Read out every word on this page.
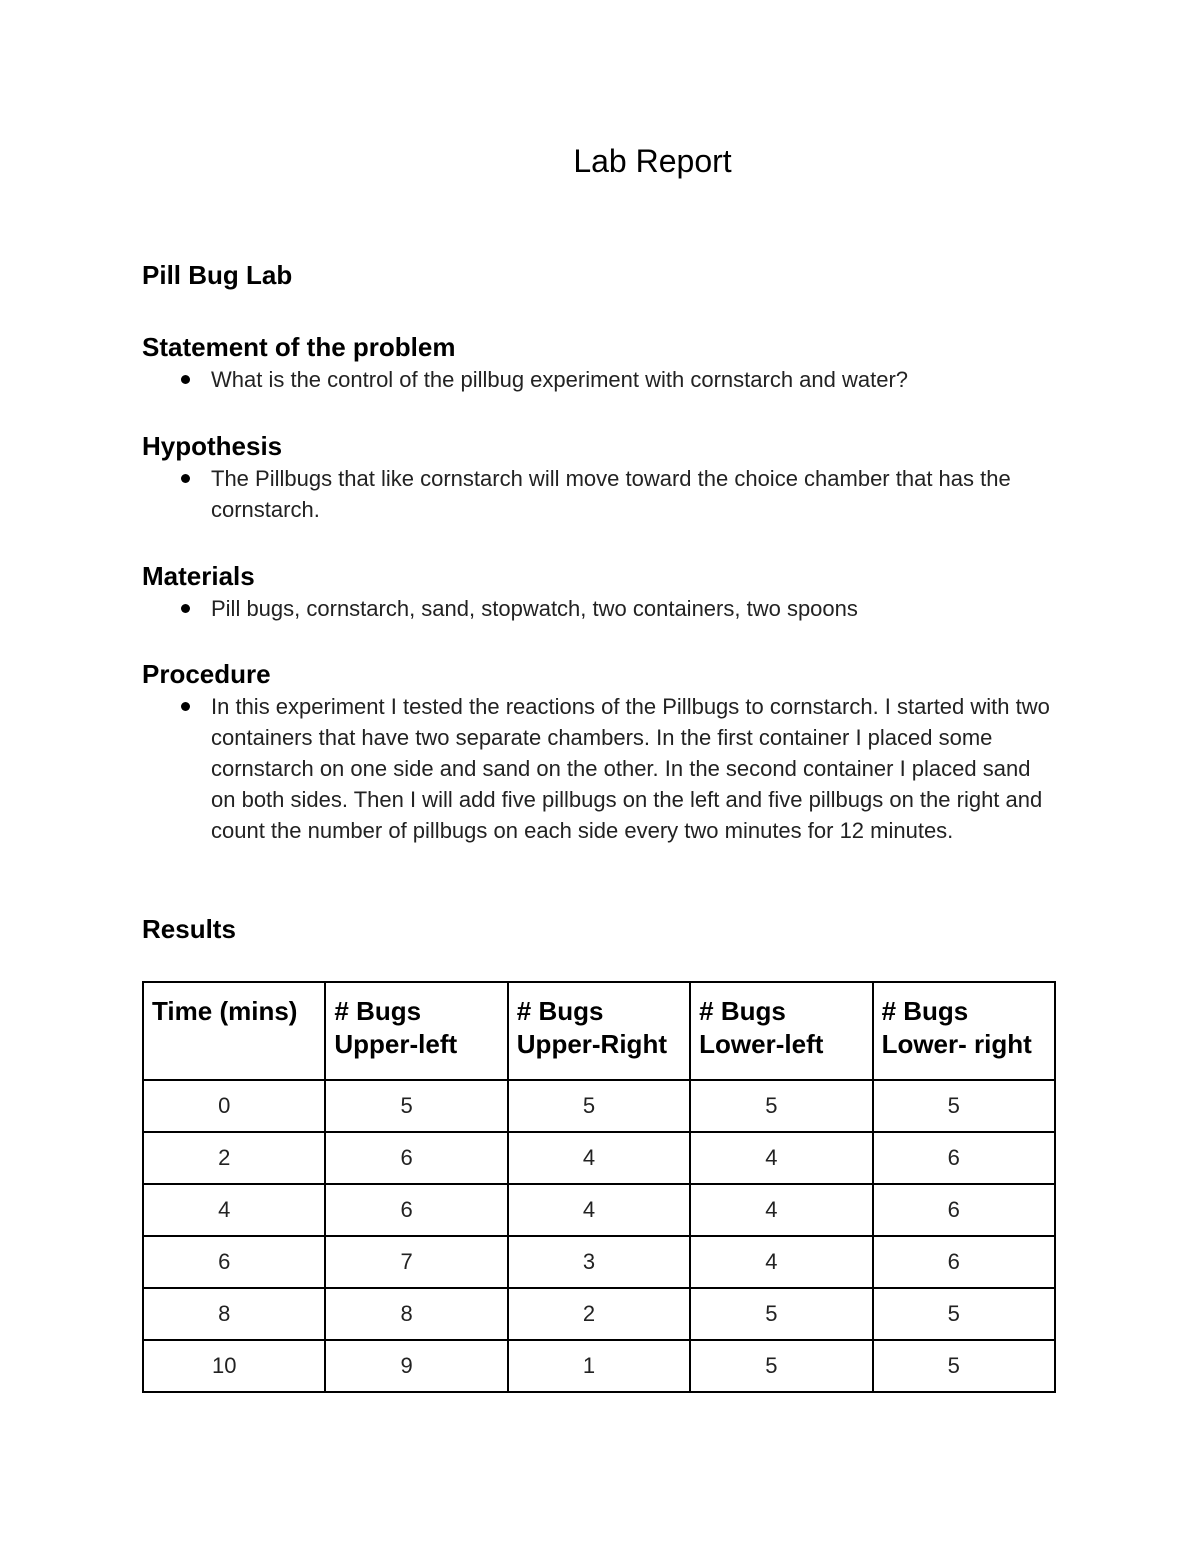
Lab Report
Pill Bug Lab
Statement of the problem
What is the control of the pillbug experiment with cornstarch and water?
Hypothesis
The Pillbugs that like cornstarch will move toward the choice chamber that has the cornstarch.
Materials
Pill bugs, cornstarch, sand, stopwatch, two containers, two spoons
Procedure
In this experiment I tested the reactions of the Pillbugs to cornstarch. I started with two containers that have two separate chambers. In the first container I placed some cornstarch on one side and sand on the other. In the second container I placed sand on both sides. Then I will add five pillbugs on the left and five pillbugs on the right and count the number of pillbugs on each side every two minutes for 12 minutes.
Results
Time (mins)	# Bugs Upper-left	# Bugs Upper-Right	# Bugs Lower-left	# Bugs Lower- right
0	5	5	5	5
2	6	4	4	6
4	6	4	4	6
6	7	3	4	6
8	8	2	5	5
10	9	1	5	5
